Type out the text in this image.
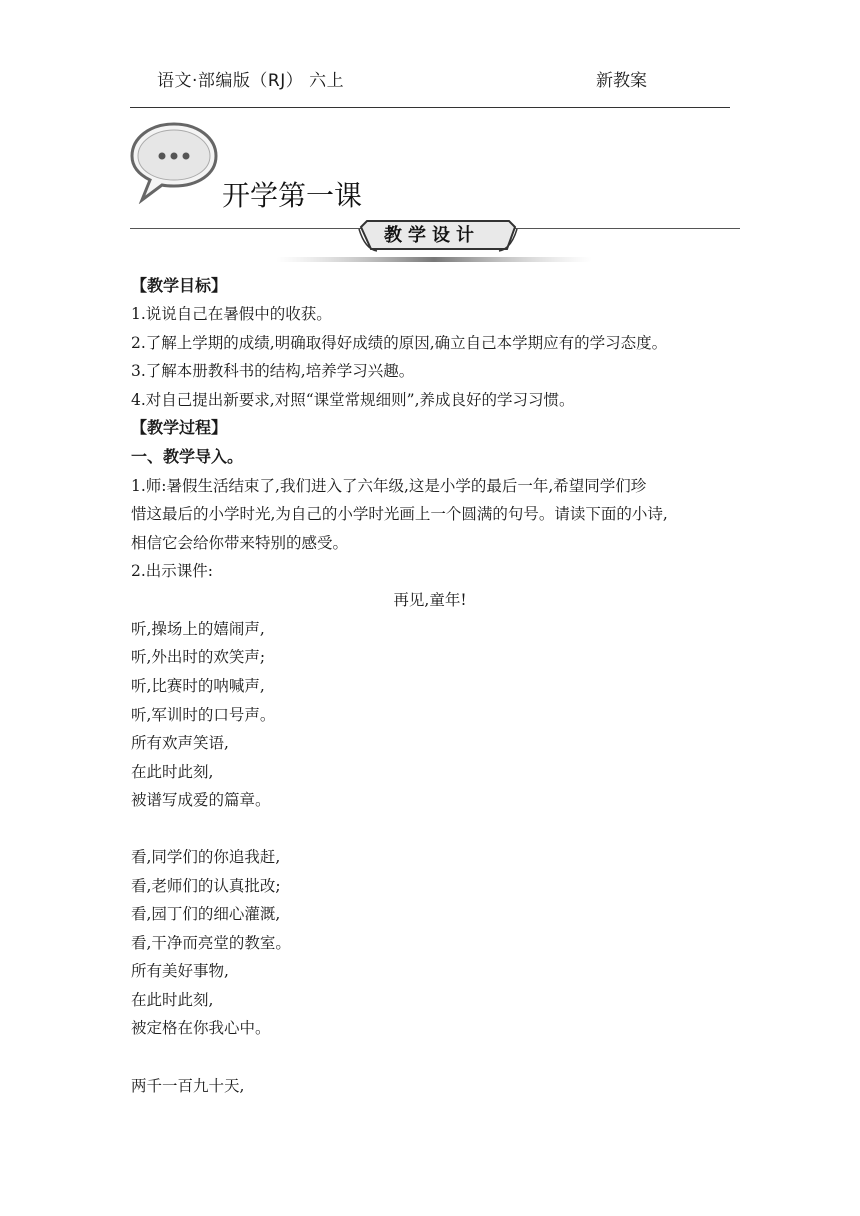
语文·部编版（RJ） 六上	新教案
开学第一课
教学设计
【教学目标】
1.说说自己在暑假中的收获。
2.了解上学期的成绩,明确取得好成绩的原因,确立自己本学期应有的学习态度。
3.了解本册教科书的结构,培养学习兴趣。
4.对自己提出新要求,对照“课堂常规细则”,养成良好的学习习惯。
【教学过程】
一、教学导入。
1.师:暑假生活结束了,我们进入了六年级,这是小学的最后一年,希望同学们珍
惜这最后的小学时光,为自己的小学时光画上一个圆满的句号。请读下面的小诗,
相信它会给你带来特别的感受。
2.出示课件:
再见,童年!
听,操场上的嬉闹声,
听,外出时的欢笑声;
听,比赛时的呐喊声,
听,军训时的口号声。
所有欢声笑语,
在此时此刻,
被谱写成爱的篇章。
看,同学们的你追我赶,
看,老师们的认真批改;
看,园丁们的细心灌溉,
看,干净而亮堂的教室。
所有美好事物,
在此时此刻,
被定格在你我心中。
两千一百九十天,
